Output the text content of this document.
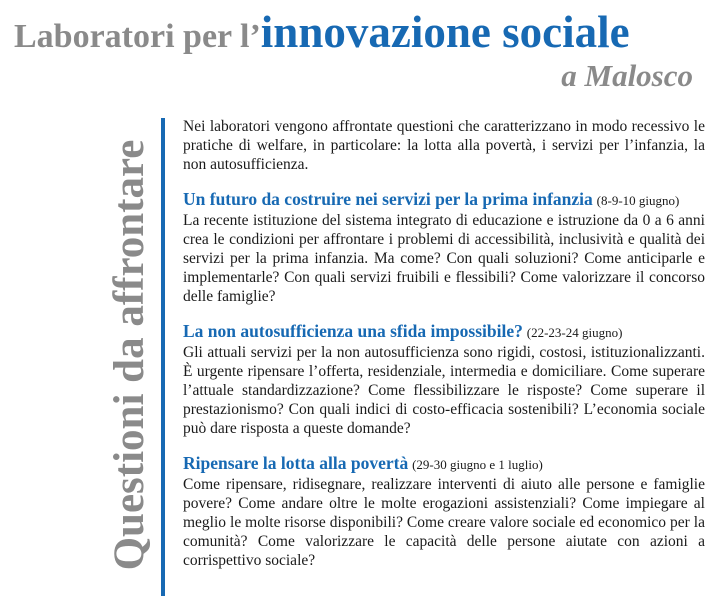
Laboratori per l’innovazione sociale
a Malosco
Questioni da affrontare

Nei laboratori vengono affrontate questioni che caratterizzano in modo recessivo le pratiche di welfare, in particolare: la lotta alla povertà, i servizi per l’infanzia, la non autosufficienza.

Un futuro da costruire nei servizi per la prima infanzia (8-9-10 giugno)

La recente istituzione del sistema integrato di educazione e istruzione da 0 a 6 anni crea le condizioni per affrontare i problemi di accessibilità, inclusività e qualità dei servizi per la prima infanzia. Ma come? Con quali soluzioni? Come anticiparle e implementarle? Con quali servizi fruibili e flessibili? Come valorizzare il concorso delle famiglie?

La non autosufficienza una sfida impossibile? (22-23-24 giugno)

Gli attuali servizi per la non autosufficienza sono rigidi, costosi, istituzionalizzanti. È urgente ripensare l’offerta, residenziale, intermedia e domiciliare. Come superare l’attuale standardizzazione? Come flessibilizzare le risposte? Come superare il prestazionismo? Con quali indici di costo-efficacia sostenibili? L’economia sociale può dare risposta a queste domande?

Ripensare la lotta alla povertà (29-30 giugno e 1 luglio)

Come ripensare, ridisegnare, realizzare interventi di aiuto alle persone e famiglie povere? Come andare oltre le molte erogazioni assistenziali? Come impiegare al meglio le molte risorse disponibili? Come creare valore sociale ed economico per la comunità? Come valorizzare le capacità delle persone aiutate con azioni a corrispettivo sociale?
